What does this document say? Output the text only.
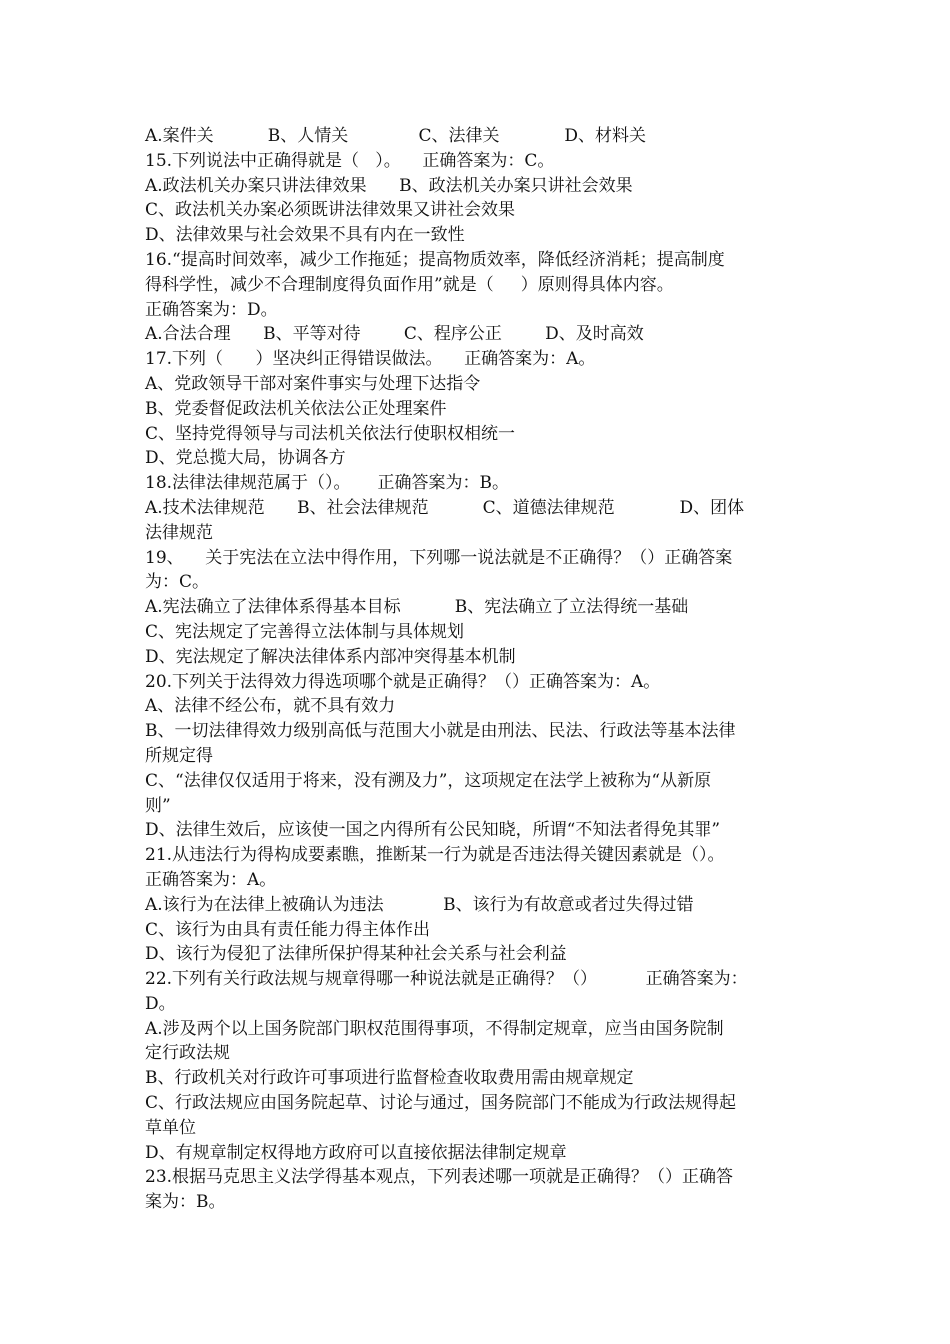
A.案件关          B、人情关             C、法律关            D、材料关
15.下列说法中正确得就是（   ）。    正确答案为：C。
A.政法机关办案只讲法律效果      B、政法机关办案只讲社会效果
C、政法机关办案必须既讲法律效果又讲社会效果
D、法律效果与社会效果不具有内在一致性
16.“提高时间效率，减少工作拖延；提高物质效率，降低经济消耗；提高制度
得科学性，减少不合理制度得负面作用”就是（     ）原则得具体内容。
正确答案为：D。
A.合法合理      B、平等对待        C、程序公正        D、及时高效
17.下列（      ）坚决纠正得错误做法。    正确答案为：A。
A、党政领导干部对案件事实与处理下达指令
B、党委督促政法机关依法公正处理案件
C、坚持党得领导与司法机关依法行使职权相统一
D、党总揽大局，协调各方
18.法律法律规范属于（）。     正确答案为：B。
A.技术法律规范      B、社会法律规范          C、道德法律规范            D、团体
法律规范
19、    关于宪法在立法中得作用，下列哪一说法就是不正确得？（）正确答案
为：C。
A.宪法确立了法律体系得基本目标          B、宪法确立了立法得统一基础
C、宪法规定了完善得立法体制与具体规划
D、宪法规定了解决法律体系内部冲突得基本机制
20.下列关于法得效力得选项哪个就是正确得？（）正确答案为：A。
A、法律不经公布，就不具有效力
B、一切法律得效力级别高低与范围大小就是由刑法、民法、行政法等基本法律
所规定得
C、“法律仅仅适用于将来，没有溯及力”，这项规定在法学上被称为“从新原
则”
D、法律生效后，应该使一国之内得所有公民知晓，所谓“不知法者得免其罪”
21.从违法行为得构成要素瞧，推断某一行为就是否违法得关键因素就是（）。
正确答案为：A。
A.该行为在法律上被确认为违法           B、该行为有故意或者过失得过错
C、该行为由具有责任能力得主体作出
D、该行为侵犯了法律所保护得某种社会关系与社会利益
22.下列有关行政法规与规章得哪一种说法就是正确得？（）         正确答案为：
D。
A.涉及两个以上国务院部门职权范围得事项，不得制定规章，应当由国务院制
定行政法规
B、行政机关对行政许可事项进行监督检查收取费用需由规章规定
C、行政法规应由国务院起草、讨论与通过，国务院部门不能成为行政法规得起
草单位
D、有规章制定权得地方政府可以直接依据法律制定规章
23.根据马克思主义法学得基本观点，下列表述哪一项就是正确得？（）正确答
案为：B。
